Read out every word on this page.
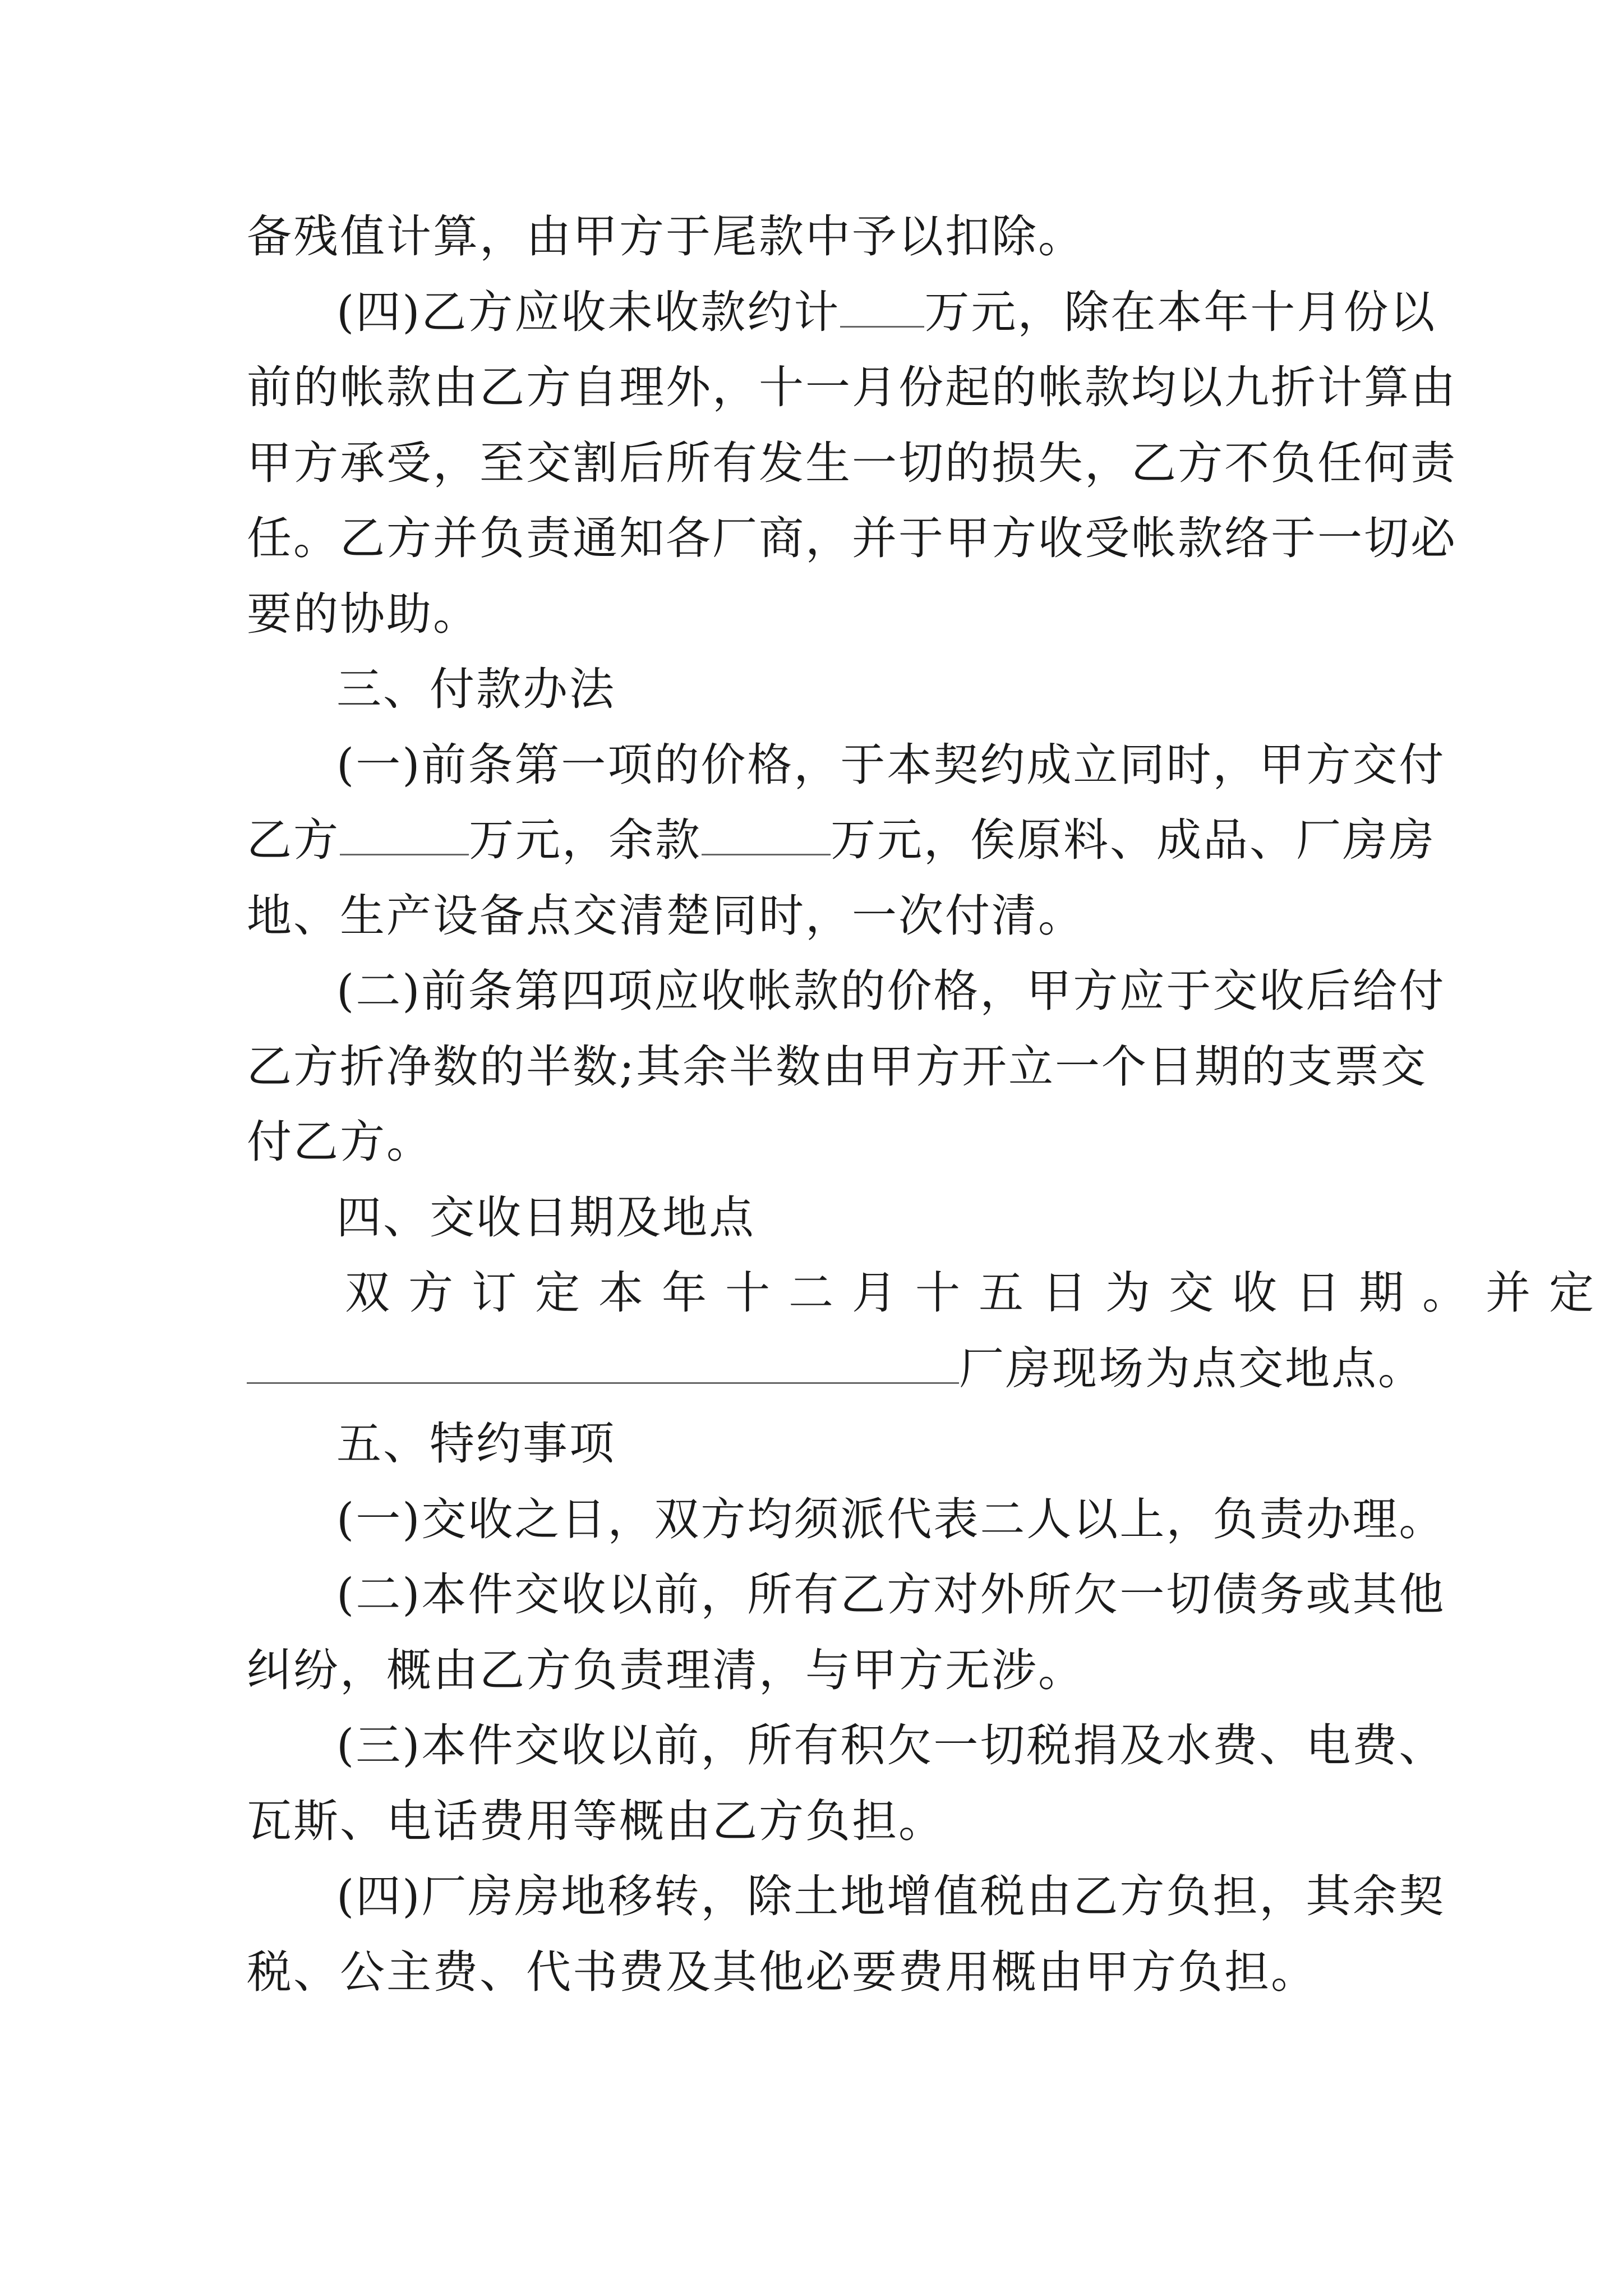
备残值计算，由甲方于尾款中予以扣除。
(四)乙方应收未收款约计 万元，除在本年十月份以
前的帐款由乙方自理外，十一月份起的帐款均以九折计算由
甲方承受，至交割后所有发生一切的损失，乙方不负任何责
任。乙方并负责通知各厂商，并于甲方收受帐款络于一切必
要的协助。
三、付款办法
(一)前条第一项的价格，于本契约成立同时，甲方交付
乙方	万元，余款	万元，俟原料、成品、厂房房
地、生产设备点交清楚同时，一次付清。
(二)前条第四项应收帐款的价格，甲方应于交收后给付
乙方折净数的半数;其余半数由甲方开立一个日期的支票交
付乙方。
四、交收日期及地点
双方订定本年十二月十五日为交收日期。并定
厂房现场为点交地点。
五、特约事项
(一)交收之日，双方均须派代表二人以上，负责办理。
(二)本件交收以前，所有乙方对外所欠一切债务或其他
纠纷，概由乙方负责理清，与甲方无涉。
(三)本件交收以前，所有积欠一切税捐及水费、电费、
瓦斯、电话费用等概由乙方负担。
(四)厂房房地移转，除土地增值税由乙方负担，其余契
税、公主费、代书费及其他必要费用概由甲方负担。
